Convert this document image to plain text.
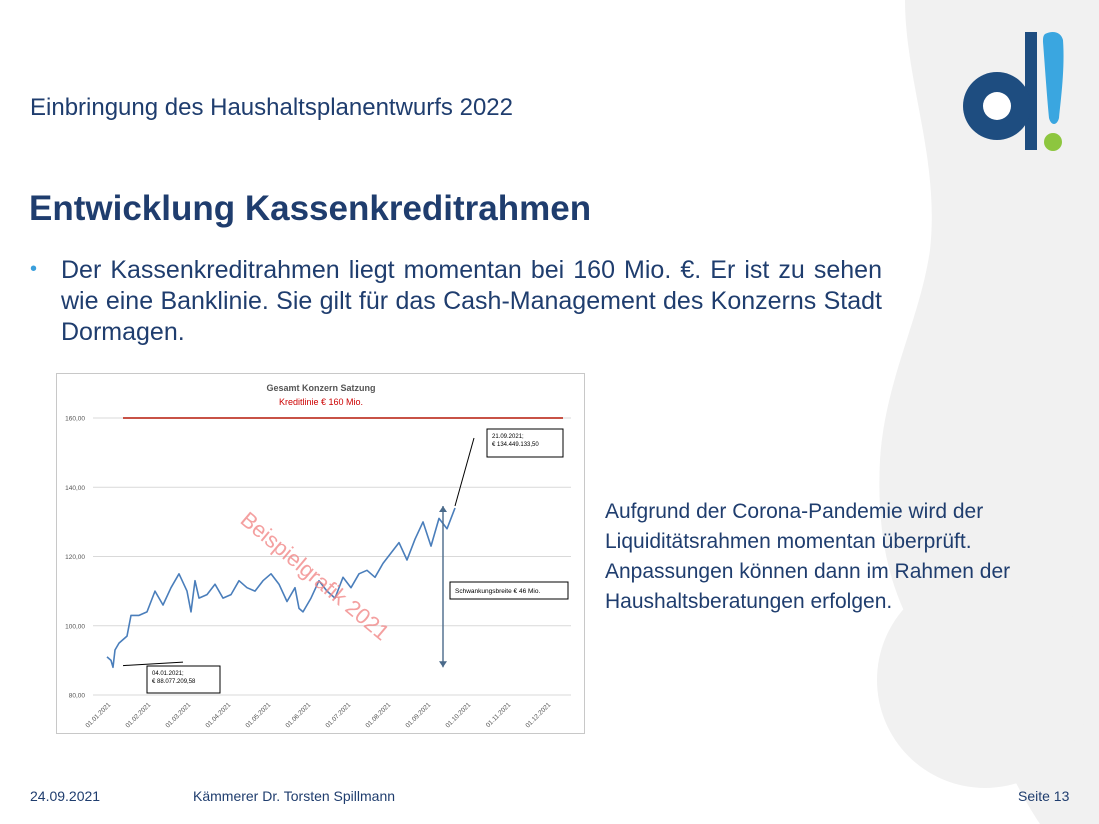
Einbringung des Haushaltsplanentwurfs 2022
Entwicklung Kassenkreditrahmen
• Der Kassenkreditrahmen liegt momentan bei 160 Mio. €. Er ist zu sehen wie eine Banklinie. Sie gilt für das Cash-Management des Konzerns Stadt Dormagen.
Gesamt Konzern Satzung
Kreditlinie € 160 Mio.
160,00
140,00
120,00
100,00
80,00
01.01.2021 01.02.2021 01.03.2021 01.04.2021 01.05.2021 01.06.2021 01.07.2021 01.08.2021 01.09.2021 01.10.2021 01.11.2021 01.12.2021
21.09.2021;
€ 134.449.133,50
04.01.2021;
€ 88.077.209,58
Schwankungsbreite € 46 Mio.
Beispielgrafik 2021	Aufgrund der Corona-Pandemie wird der Liquiditätsrahmen momentan überprüft. Anpassungen können dann im Rahmen der Haushaltsberatungen erfolgen.
24.09.2021	Kämmerer Dr. Torsten Spillmann	Seite 13
